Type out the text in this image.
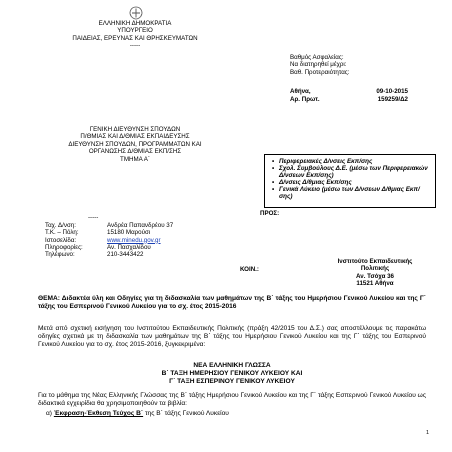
ΕΛΛΗΝΙΚΗ ΔΗΜΟΚΡΑΤΙΑ
ΥΠΟΥΡΓΕΙΟ
ΠΑΙΔΕΙΑΣ, ΕΡΕΥΝΑΣ ΚΑΙ ΘΡΗΣΚΕΥΜΑΤΩΝ
-----
Βαθμός Ασφαλείας:
Να διατηρηθεί μέχρι:
Βαθ. Προτεραιότητας:
Αθήνα,	09-10-2015
Αρ. Πρωτ.	159259/Δ2
ΓΕΝΙΚΗ ΔΙΕΥΘΥΝΣΗ ΣΠΟΥΔΩΝ
Π/ΘΜΙΑΣ ΚΑΙ Δ/ΘΜΙΑΣ ΕΚΠΑΙΔΕΥΣΗΣ
ΔΙΕΥΘΥΝΣΗ ΣΠΟΥΔΩΝ, ΠΡΟΓΡΑΜΜΑΤΩΝ ΚΑΙ
ΟΡΓΑΝΩΣΗΣ Δ/ΘΜΙΑΣ ΕΚΠ/ΣΗΣ
ΤΜΗΜΑ Α΄
•	Περιφερειακές Δ/νσεις Εκπ/σης
• Σχολ. Συμβούλους Δ.Ε. (μέσω των Περιφερειακών Δ/νσεων Εκπ/σης)
• Δ/νσεις Δ/θμιας Εκπ/σης
• Γενικά Λύκειο (μέσω των Δ/νσεων Δ/θμιας Εκπ/σης)
-----
ΠΡΟΣ:
Ταχ. Δ/νση:	Ανδρέα Παπανδρέου 37
Τ.Κ. – Πόλη:	15180 Μαρούσι
Ιστοσελίδα:	www.minedu.gov.gr
Πληροφορίες:	Αν. Πασχαλίδου
Τηλέφωνο:	210-3443422
ΚΟΙΝ.:
Ινστιτούτο Εκπαιδευτικής
Πολιτικής
Αν. Τσόχα 36
11521 Αθήνα
ΘΕΜΑ: Διδακτέα ύλη και Οδηγίες για τη διδασκαλία των μαθημάτων της Β΄ τάξης του Ημερήσιου Γενικού Λυκείου και της Γ΄ τάξης του Εσπερινού Γενικού Λυκείου για το σχ. έτος 2015-2016
Μετά από σχετική εισήγηση του Ινστιτούτου Εκπαιδευτικής Πολιτικής (πράξη 42/2015 του Δ.Σ.) σας αποστέλλουμε τις παρακάτω οδηγίες σχετικά με τη διδασκαλία των μαθημάτων της Β΄ τάξης του Ημερήσιου Γενικού Λυκείου και της Γ΄ τάξης του Εσπερινού Γενικού Λυκείου για το σχ. έτος 2015-2016, ξυγκεκριμένα:
ΝΕΑ ΕΛΛΗΝΙΚΗ ΓΛΩΣΣΑ
Β΄ ΤΑΞΗ ΗΜΕΡΗΣΙΟΥ ΓΕΝΙΚΟΥ ΛΥΚΕΙΟΥ ΚΑΙ
Γ΄ ΤΑΞΗ ΕΣΠΕΡΙΝΟΥ ΓΕΝΙΚΟΥ ΛΥΚΕΙΟΥ
Για το μάθημα της Νέας Ελληνικής Γλώσσας της Β΄ τάξης Ημερήσιου Γενικού Λυκείου και της Γ΄ τάξης Εσπερινού Γενικού Λυκείου ως διδακτικά εγχειρίδια θα χρησιμοποιηθούν τα βιβλία:
α) Έκφραση-Έκθεση Τεύχος Β΄ της Β΄ τάξης Γενικού Λυκείου
1
